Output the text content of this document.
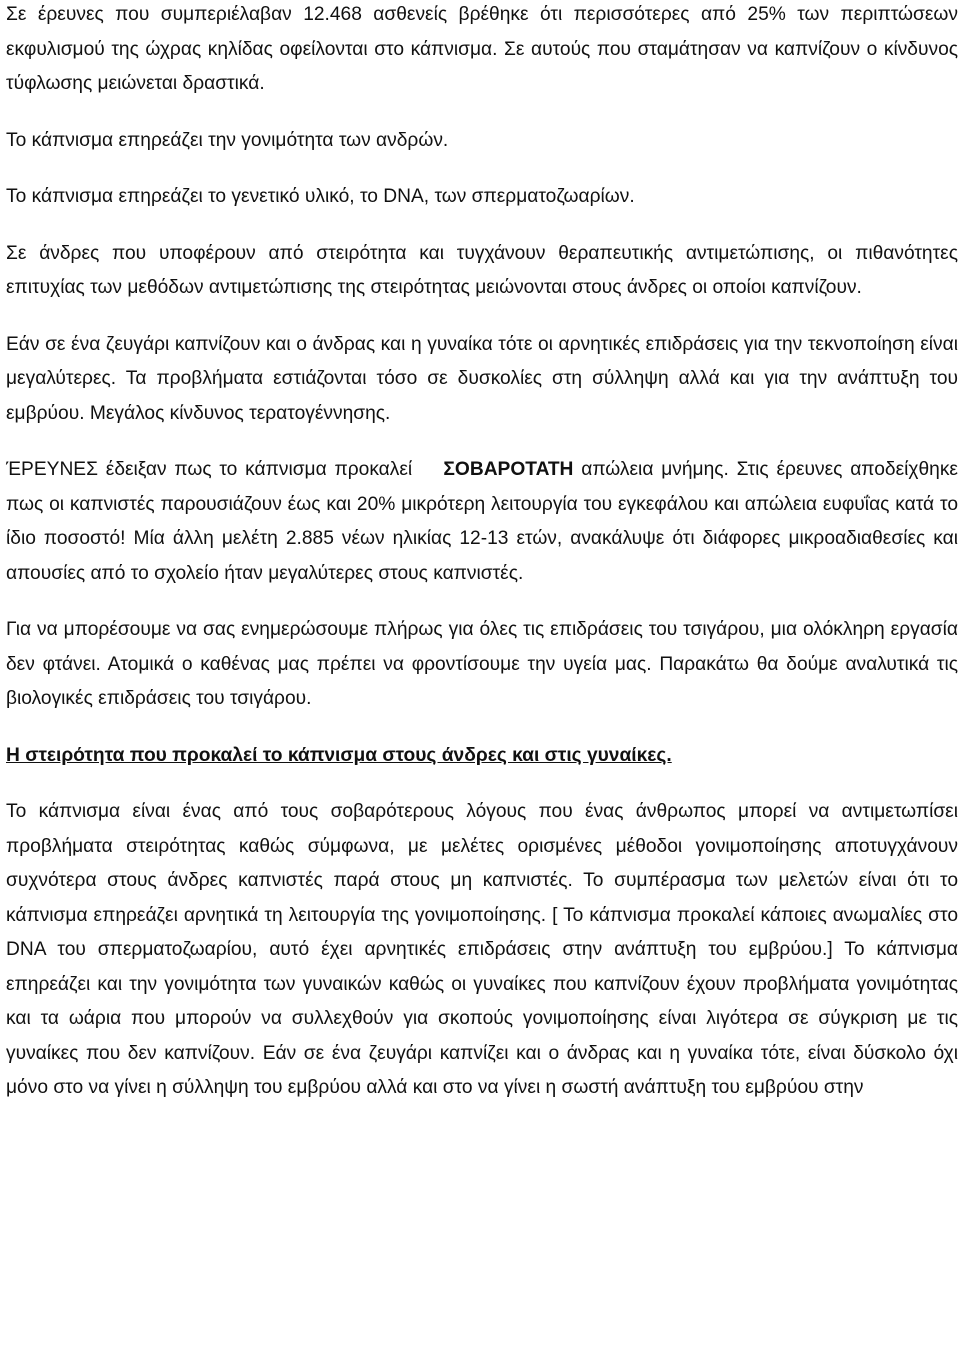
Σε έρευνες που συμπεριέλαβαν 12.468 ασθενείς βρέθηκε ότι περισσότερες από 25% των περιπτώσεων εκφυλισμού της ώχρας κηλίδας οφείλονται στο κάπνισμα. Σε αυτούς που σταμάτησαν να καπνίζουν ο κίνδυνος τύφλωσης μειώνεται δραστικά.

Το κάπνισμα επηρεάζει την γονιμότητα των ανδρών.

Το κάπνισμα επηρεάζει το γενετικό υλικό, το DNA, των σπερματοζωαρίων.

Σε άνδρες που υποφέρουν από στειρότητα και τυγχάνουν θεραπευτικής αντιμετώπισης, οι πιθανότητες επιτυχίας των μεθόδων αντιμετώπισης της στειρότητας μειώνονται στους άνδρες οι οποίοι καπνίζουν.

Εάν σε ένα ζευγάρι καπνίζουν και ο άνδρας και η γυναίκα τότε οι αρνητικές επιδράσεις για την τεκνοποίηση είναι μεγαλύτερες. Τα προβλήματα εστιάζονται τόσο σε δυσκολίες στη σύλληψη αλλά και για την ανάπτυξη του εμβρύου. Μεγάλος κίνδυνος τερατογέννησης.

ΈΡΕΥΝΕΣ έδειξαν πως το κάπνισμα προκαλεί ΣΟΒΑΡΟΤΑΤΗ απώλεια μνήμης. Στις έρευνες αποδείχθηκε πως οι καπνιστές παρουσιάζουν έως και 20% μικρότερη λειτουργία του εγκεφάλου και απώλεια ευφυΐας κατά το ίδιο ποσοστό! Μία άλλη μελέτη 2.885 νέων ηλικίας 12-13 ετών, ανακάλυψε ότι διάφορες μικροαδιαθεσίες και απουσίες από το σχολείο ήταν μεγαλύτερες στους καπνιστές.

Για να μπορέσουμε να σας ενημερώσουμε πλήρως για όλες τις επιδράσεις του τσιγάρου, μια ολόκληρη εργασία δεν φτάνει. Ατομικά ο καθένας μας πρέπει να φροντίσουμε την υγεία μας. Παρακάτω θα δούμε αναλυτικά τις βιολογικές επιδράσεις του τσιγάρου.

Η στειρότητα που προκαλεί το κάπνισμα στους άνδρες και στις γυναίκες.

Το κάπνισμα είναι ένας από τους σοβαρότερους λόγους που ένας άνθρωπος μπορεί να αντιμετωπίσει προβλήματα στειρότητας καθώς σύμφωνα, με μελέτες ορισμένες μέθοδοι γονιμοποίησης αποτυγχάνουν συχνότερα στους άνδρες καπνιστές παρά στους μη καπνιστές. Το συμπέρασμα των μελετών είναι ότι το κάπνισμα επηρεάζει αρνητικά τη λειτουργία της γονιμοποίησης. [ Το κάπνισμα προκαλεί κάποιες ανωμαλίες στο DNA του σπερματοζωαρίου, αυτό έχει αρνητικές επιδράσεις στην ανάπτυξη του εμβρύου.] Το κάπνισμα επηρεάζει και την γονιμότητα των γυναικών καθώς οι γυναίκες που καπνίζουν έχουν προβλήματα γονιμότητας και τα ωάρια που μπορούν να συλλεχθούν για σκοπούς γονιμοποίησης είναι λιγότερα σε σύγκριση με τις γυναίκες που δεν καπνίζουν. Εάν σε ένα ζευγάρι καπνίζει και ο άνδρας και η γυναίκα τότε, είναι δύσκολο όχι μόνο στο να γίνει η σύλληψη του εμβρύου αλλά και στο να γίνει η σωστή ανάπτυξη του εμβρύου στην
